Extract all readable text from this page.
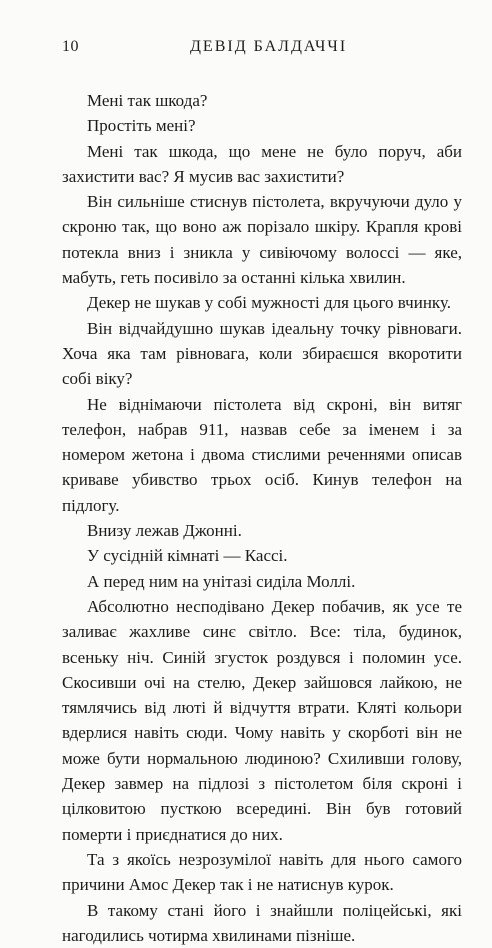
10	ДЕВІД БАЛДАЧЧІ

Мені так шкода?

Простіть мені?

Мені так шкода, що мене не було поруч, аби захистити вас? Я мусив вас захистити?

Він сильніше стиснув пістолета, вкручуючи дуло у скроню так, що воно аж порізало шкіру. Крапля крові потекла вниз і зникла у сивіючому волоссі — яке, мабуть, геть посивіло за останні кілька хвилин.

Декер не шукав у собі мужності для цього вчинку.

Він відчайдушно шукав ідеальну точку рівноваги. Хоча яка там рівновага, коли збираєшся вкоротити собі віку?

Не віднімаючи пістолета від скроні, він витяг телефон, набрав 911, назвав себе за іменем і за номером жетона і двома стислими реченнями описав криваве убивство трьох осіб. Кинув телефон на підлогу.

Внизу лежав Джонні.

У сусідній кімнаті — Кассі.

А перед ним на унітазі сиділа Моллі.

Абсолютно несподівано Декер побачив, як усе те заливає жахливе синє світло. Все: тіла, будинок, всеньку ніч. Синій згусток роздувся і поломин усе. Скосивши очі на стелю, Декер зайшовся лайкою, не тямлячись від люті й відчуття втрати. Кляті кольори вдерлися навіть сюди. Чому навіть у скорботі він не може бути нормальною людиною? Схиливши голову, Декер завмер на підлозі з пістолетом біля скроні і цілковитою пусткою всередині. Він був готовий померти і приєднатися до них.

Та з якоїсь незрозумілої навіть для нього самого причини Амос Декер так і не натиснув курок.

В такому стані його і знайшли поліцейські, які нагодились чотирма хвилинами пізніше.
